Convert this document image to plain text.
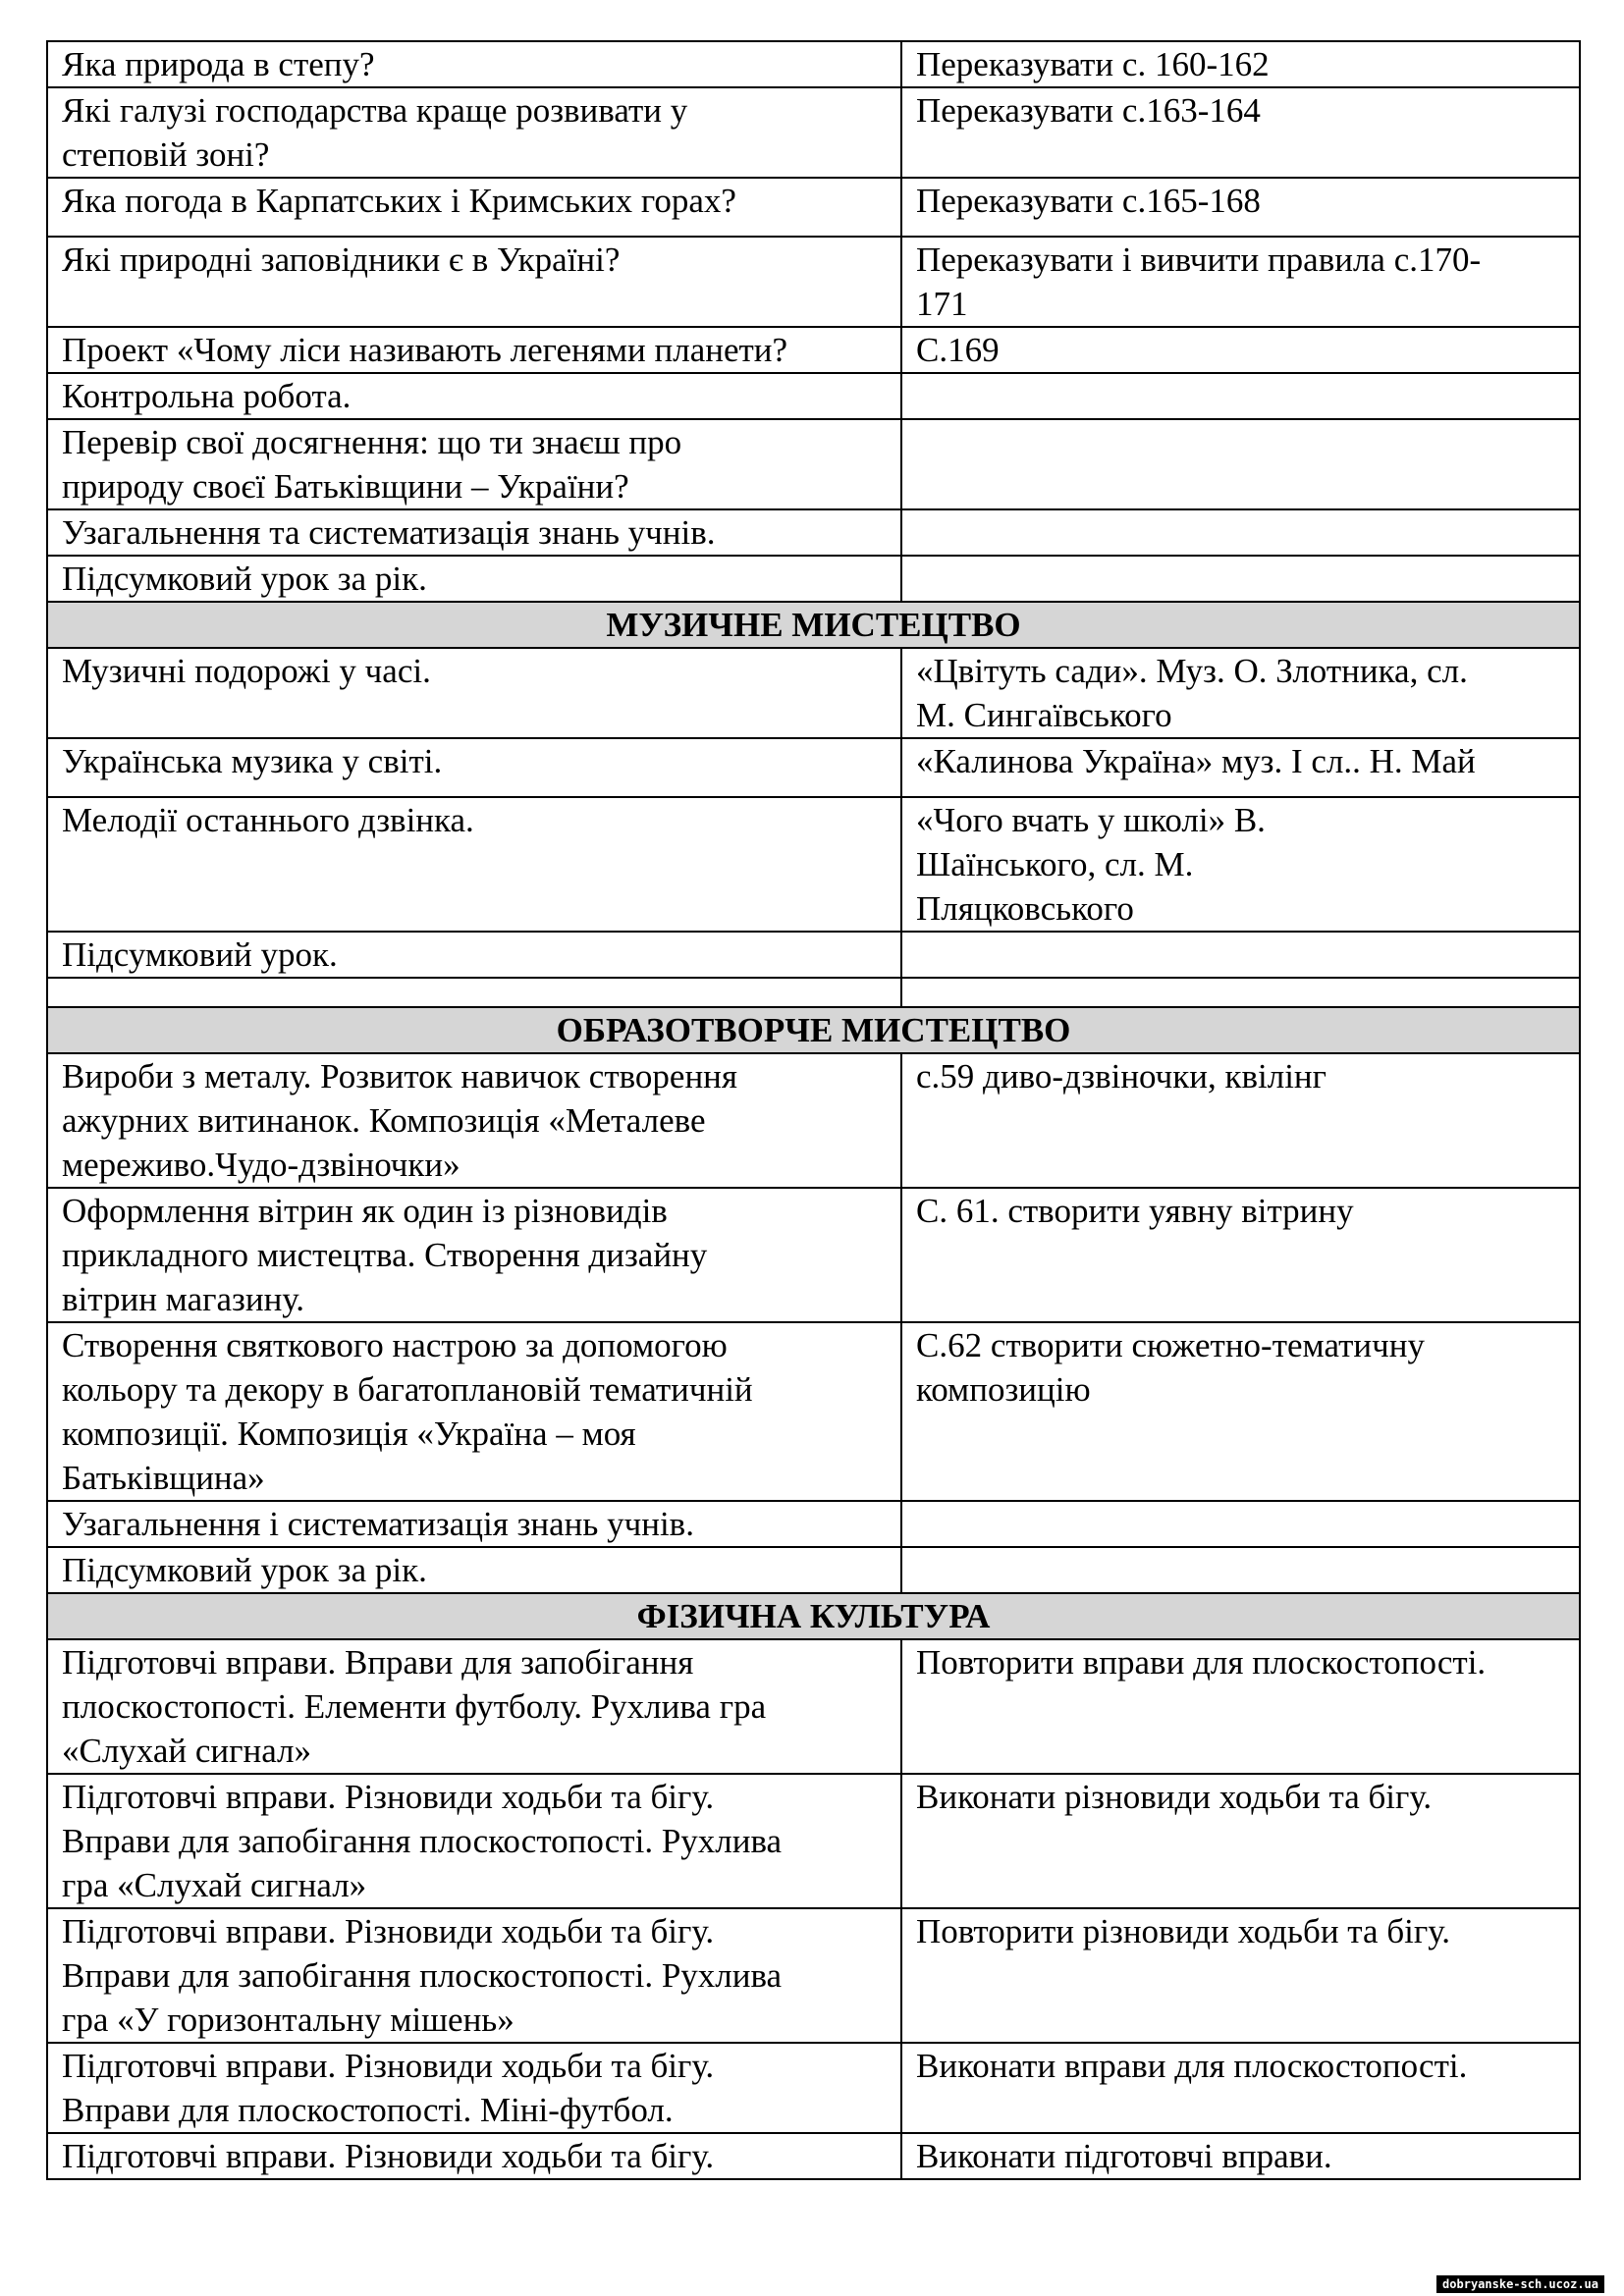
Яка природа в степу?	Переказувати с. 160-162
Які галузі господарства краще розвивати у
степовій зоні?	Переказувати с.163-164
Яка погода в Карпатських і Кримських горах?	Переказувати с.165-168
Які природні заповідники є в Україні?	Переказувати і вивчити правила с.170-
171
Проект «Чому ліси називають легенями планети?	С.169
Контрольна робота.	
Перевір свої досягнення: що ти знаєш про
природу своєї Батьківщини – України?	
Узагальнення та систематизація знань учнів.	
Підсумковий урок за рік.	
МУЗИЧНЕ МИСТЕЦТВО	
Музичні подорожі у часі.	«Цвітуть сади». Муз. О. Злотника, сл.
М. Сингаївського
Українська музика у світі.	«Калинова Україна» муз. І сл.. Н. Май
Мелодії останнього дзвінка.	«Чого вчать у школі» В.
Шаїнського, сл. М.
Пляцковського
Підсумковий урок.	

ОБРАЗОТВОРЧЕ МИСТЕЦТВО	
Вироби з металу. Розвиток навичок створення
ажурних витинанок. Композиція «Металеве
мереживо.Чудо-дзвіночки»	с.59 диво-дзвіночки, квілінг
Оформлення вітрин як один із різновидів
прикладного мистецтва. Створення дизайну
вітрин магазину.	С. 61. створити уявну вітрину
Створення святкового настрою за допомогою
кольору та декору в багатоплановій тематичній
композиції. Композиція «Україна – моя
Батьківщина»	С.62 створити сюжетно-тематичну
композицію
Узагальнення і систематизація знань учнів.	
Підсумковий урок за рік.	
ФІЗИЧНА КУЛЬТУРА	
Підготовчі вправи. Вправи для запобігання
плоскостопості. Елементи футболу. Рухлива гра
«Слухай сигнал»	Повторити вправи для плоскостопості.
Підготовчі вправи. Різновиди ходьби та бігу.
Вправи для запобігання плоскостопості. Рухлива
гра «Слухай сигнал»	Виконати різновиди ходьби та бігу.
Підготовчі вправи. Різновиди ходьби та бігу.
Вправи для запобігання плоскостопості. Рухлива
гра «У горизонтальну мішень»	Повторити різновиди ходьби та бігу.
Підготовчі вправи. Різновиди ходьби та бігу.
Вправи для плоскостопості. Міні-футбол.	Виконати вправи для плоскостопості.
Підготовчі вправи. Різновиди ходьби та бігу.	Виконати підготовчі вправи.
dobryanske-sch.ucoz.ua
